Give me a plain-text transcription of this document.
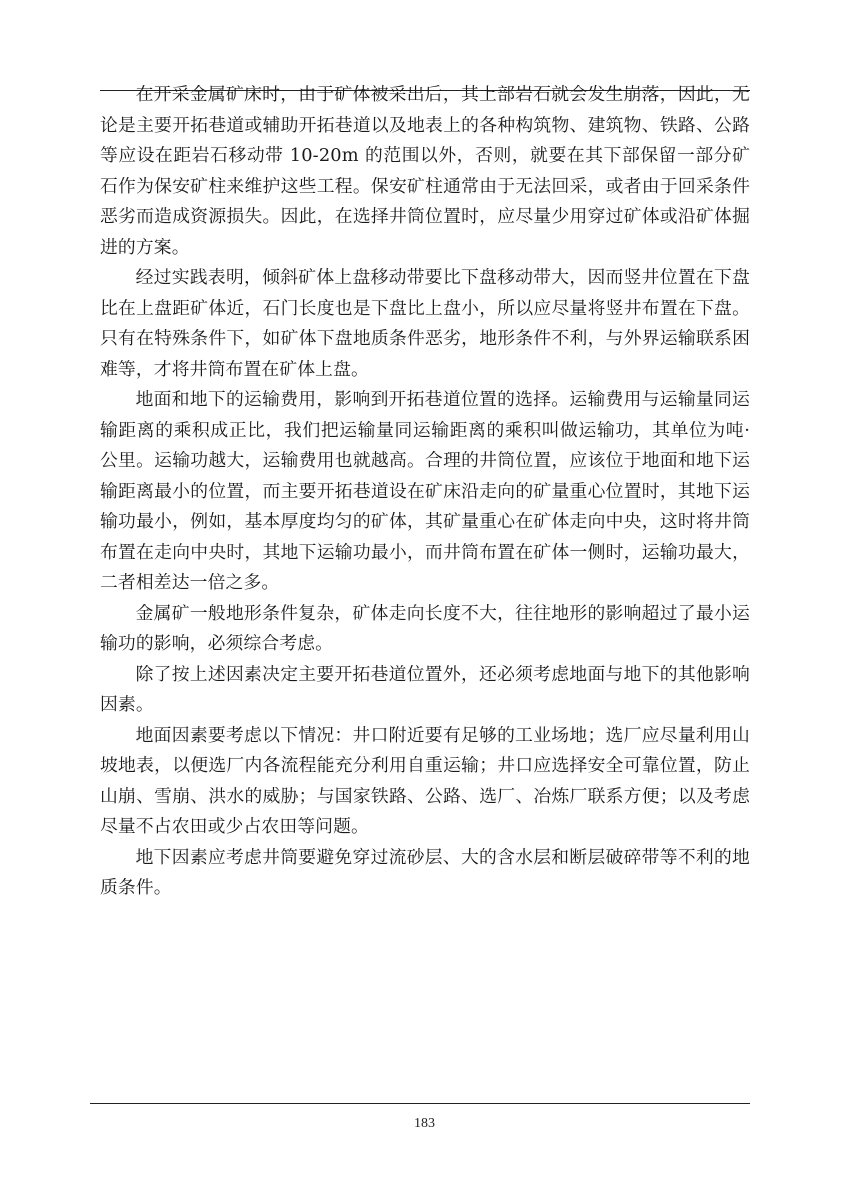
在开采金属矿床时，由于矿体被采出后，其上部岩石就会发生崩落，因此，无论是主要开拓巷道或辅助开拓巷道以及地表上的各种构筑物、建筑物、铁路、公路等应设在距岩石移动带 10-20m 的范围以外，否则，就要在其下部保留一部分矿石作为保安矿柱来维护这些工程。保安矿柱通常由于无法回采，或者由于回采条件恶劣而造成资源损失。因此，在选择井筒位置时，应尽量少用穿过矿体或沿矿体掘进的方案。

经过实践表明，倾斜矿体上盘移动带要比下盘移动带大，因而竖井位置在下盘比在上盘距矿体近，石门长度也是下盘比上盘小，所以应尽量将竖井布置在下盘。只有在特殊条件下，如矿体下盘地质条件恶劣，地形条件不利，与外界运输联系困难等，才将井筒布置在矿体上盘。

地面和地下的运输费用，影响到开拓巷道位置的选择。运输费用与运输量同运输距离的乘积成正比，我们把运输量同运输距离的乘积叫做运输功，其单位为吨·公里。运输功越大，运输费用也就越高。合理的井筒位置，应该位于地面和地下运输距离最小的位置，而主要开拓巷道设在矿床沿走向的矿量重心位置时，其地下运输功最小，例如，基本厚度均匀的矿体，其矿量重心在矿体走向中央，这时将井筒布置在走向中央时，其地下运输功最小，而井筒布置在矿体一侧时，运输功最大，二者相差达一倍之多。

金属矿一般地形条件复杂，矿体走向长度不大，往往地形的影响超过了最小运输功的影响，必须综合考虑。

除了按上述因素决定主要开拓巷道位置外，还必须考虑地面与地下的其他影响因素。

地面因素要考虑以下情况：井口附近要有足够的工业场地；选厂应尽量利用山坡地表，以便选厂内各流程能充分利用自重运输；井口应选择安全可靠位置，防止山崩、雪崩、洪水的威胁；与国家铁路、公路、选厂、冶炼厂联系方便；以及考虑尽量不占农田或少占农田等问题。

地下因素应考虑井筒要避免穿过流砂层、大的含水层和断层破碎带等不利的地质条件。

183
